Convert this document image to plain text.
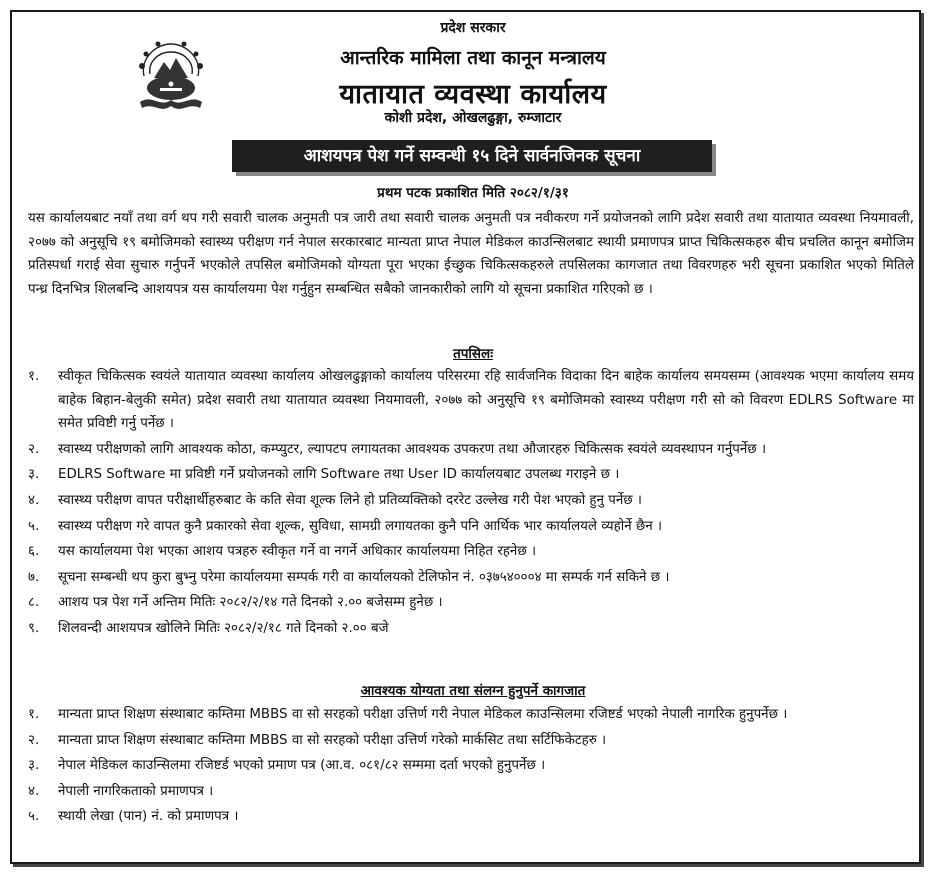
प्रदेश सरकार
आन्तरिक मामिला तथा कानून मन्त्रालय
यातायात व्यवस्था कार्यालय
कोशी प्रदेश, ओखलढुङ्गा, रुम्जाटार
आशयपत्र पेश गर्ने सम्वन्धी १५ दिने सार्वनजिनक सूचना
प्रथम पटक प्रकाशित मिति २०८२/१/३१
यस कार्यालयबाट नयाँ तथा वर्ग थप गरी सवारी चालक अनुमती पत्र जारी तथा सवारी चालक अनुमती पत्र नवीकरण गर्ने प्रयोजनको लागि प्रदेश सवारी तथा यातायात व्यवस्था नियमावली, २०७७ को अनुसूचि १९ बमोजिमको स्वास्थ्य परीक्षण गर्न नेपाल सरकारबाट मान्यता प्राप्त नेपाल मेडिकल काउन्सिलबाट स्थायी प्रमाणपत्र प्राप्त चिकित्सकहरु बीच प्रचलित कानून बमोजिम प्रतिस्पर्धा गराई सेवा सुचारु गर्नुपर्ने भएकोले तपसिल बमोजिमको योग्यता पूरा भएका ईच्छुक चिकित्सकहरुले तपसिलका कागजात तथा विवरणहरु भरी सूचना प्रकाशित भएको मितिले पन्ध्र दिनभित्र शिलबन्दि आशयपत्र यस कार्यालयमा पेश गर्नुहुन सम्बन्धित सबैको जानकारीको लागि यो सूचना प्रकाशित गरिएको छ ।
तपसिलः
१.	स्वीकृत चिकित्सक स्वयंले यातायात व्यवस्था कार्यालय ओखलढुङ्गाको कार्यालय परिसरमा रहि सार्वजनिक विदाका दिन बाहेक कार्यालय समयसम्म (आवश्यक भएमा कार्यालय समय बाहेक बिहान-बेलुकी समेत) प्रदेश सवारी तथा यातायात व्यवस्था नियमावली, २०७७ को अनुसूचि १९ बमोजिमको स्वास्थ्य परीक्षण गरी सो को विवरण EDLRS Software मा समेत प्रविष्टी गर्नु पर्नेछ ।
२.	स्वास्थ्य परीक्षणको लागि आवश्यक कोठा, कम्प्युटर, ल्यापटप लगायतका आवश्यक उपकरण तथा औजारहरु चिकित्सक स्वयंले व्यवस्थापन गर्नुपर्नेछ ।
३.	EDLRS Software मा प्रविष्टी गर्ने प्रयोजनको लागि Software तथा User ID कार्यालयबाट उपलब्ध गराइने छ ।
४.	स्वास्थ्य परीक्षण वापत परीक्षार्थीहरुबाट के कति सेवा शूल्क लिने हो प्रतिव्यक्तिको दररेट उल्लेख गरी पेश भएको हुनु पर्नेछ ।
५.	स्वास्थ्य परीक्षण गरे वापत कुनै प्रकारको सेवा शूल्क, सुविधा, सामग्री लगायतका कुनै पनि आर्थिक भार कार्यालयले व्यहोर्ने छैन ।
६.	यस कार्यालयमा पेश भएका आशय पत्रहरु स्वीकृत गर्ने वा नगर्ने अधिकार कार्यालयमा निहित रहनेछ ।
७.	सूचना सम्बन्धी थप कुरा बुभ्नु परेमा कार्यालयमा सम्पर्क गरी वा कार्यालयको टेलिफोन नं. ०३७५४०००४ मा सम्पर्क गर्न सकिने छ ।
८.	आशय पत्र पेश गर्ने अन्तिम मितिः २०८२/२/१४ गते दिनको २.०० बजेसम्म हुनेछ ।
९.	शिलवन्दी आशयपत्र खोलिने मितिः २०८२/२/१८ गते दिनको २.०० बजे
आवश्यक योग्यता तथा संलग्न हुनुपर्ने कागजात
१.	मान्यता प्राप्त शिक्षण संस्थाबाट कम्तिमा MBBS वा सो सरहको परीक्षा उत्तिर्ण गरी नेपाल मेडिकल काउन्सिलमा रजिष्टर्ड भएको नेपाली नागरिक हुनुपर्नेछ ।
२.	मान्यता प्राप्त शिक्षण संस्थाबाट कम्तिमा MBBS वा सो सरहको परीक्षा उत्तिर्ण गरेको मार्कसिट तथा सर्टिफिकेटहरु ।
३.	नेपाल मेडिकल काउन्सिलमा रजिष्टर्ड भएको प्रमाण पत्र (आ.व. ०८१/८२ सम्ममा दर्ता भएको हुनुपर्नेछ ।
४.	नेपाली नागरिकताको प्रमाणपत्र ।
५.	स्थायी लेखा (पान) नं. को प्रमाणपत्र ।
